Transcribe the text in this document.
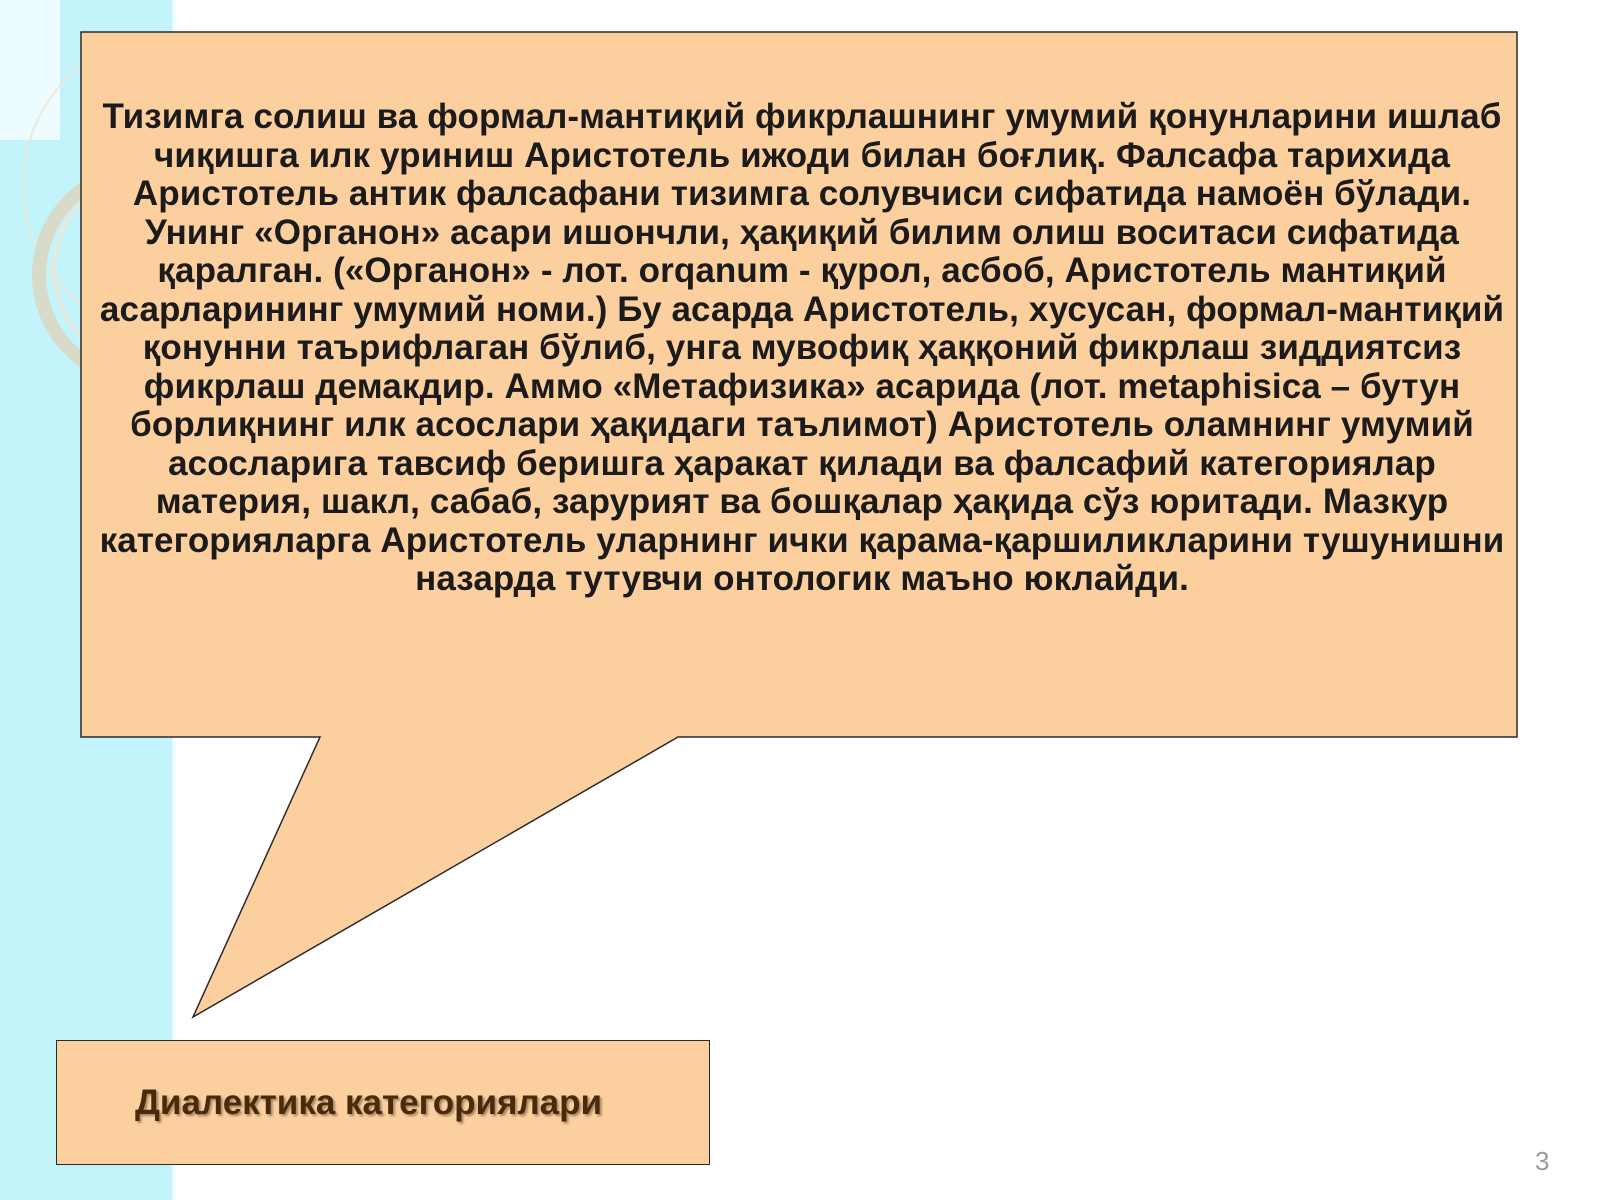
Тизимга солиш ва формал-мантиқий фикрлашнинг умумий қонунларини ишлаб чиқишга илк уриниш Аристотель ижоди билан боғлиқ. Фалсафа тарихида Аристотель антик фалсафани тизимга солувчиси сифатида намоён бўлади. Унинг «Органон» асари ишончли, ҳақиқий билим олиш воситаси сифатида қаралган. («Органон» - лот. orqanum - қурол, асбоб, Аристотель мантиқий асарларининг умумий номи.) Бу асарда Аристотель, хусусан, формал-мантиқий қонунни таърифлаган бўлиб, унга мувофиқ ҳаққоний фикрлаш зиддиятсиз фикрлаш демакдир. Аммо «Метафизика» асарида (лот. metaphisica – бутун борлиқнинг илк асослари ҳақидаги таълимот) Аристотель оламнинг умумий асосларига тавсиф беришга ҳаракат қилади ва фалсафий категориялар материя, шакл, сабаб, зарурият ва бошқалар ҳақида сўз юритади. Мазкур категорияларга Аристотель уларнинг ички қарама-қаршиликларини тушунишни назарда тутувчи онтологик маъно юклайди.

Диалектика категориялари
3
